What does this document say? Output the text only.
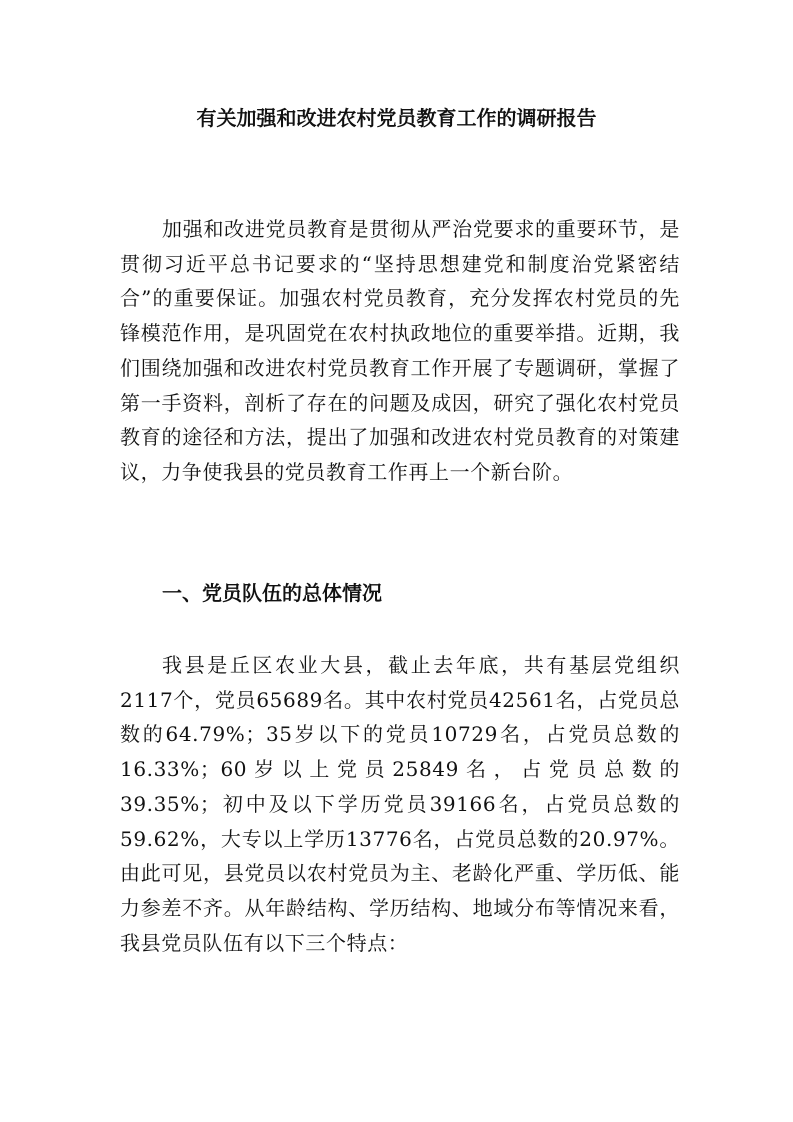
有关加强和改进农村党员教育工作的调研报告

加强和改进党员教育是贯彻从严治党要求的重要环节，是贯彻习近平总书记要求的“坚持思想建党和制度治党紧密结合”的重要保证。加强农村党员教育，充分发挥农村党员的先锋模范作用，是巩固党在农村执政地位的重要举措。近期，我们围绕加强和改进农村党员教育工作开展了专题调研，掌握了第一手资料，剖析了存在的问题及成因，研究了强化农村党员教育的途径和方法，提出了加强和改进农村党员教育的对策建议，力争使我县的党员教育工作再上一个新台阶。

一、党员队伍的总体情况

我县是丘区农业大县，截止去年底，共有基层党组织2117个，党员65689名。其中农村党员42561名，占党员总数的64.79%；35岁以下的党员10729名，占党员总数的16.33%；60岁以上党员25849名，占党员总数的39.35%；初中及以下学历党员39166名，占党员总数的59.62%，大专以上学历13776名，占党员总数的20.97%。由此可见，县党员以农村党员为主、老龄化严重、学历低、能力参差不齐。从年龄结构、学历结构、地域分布等情况来看，我县党员队伍有以下三个特点：
